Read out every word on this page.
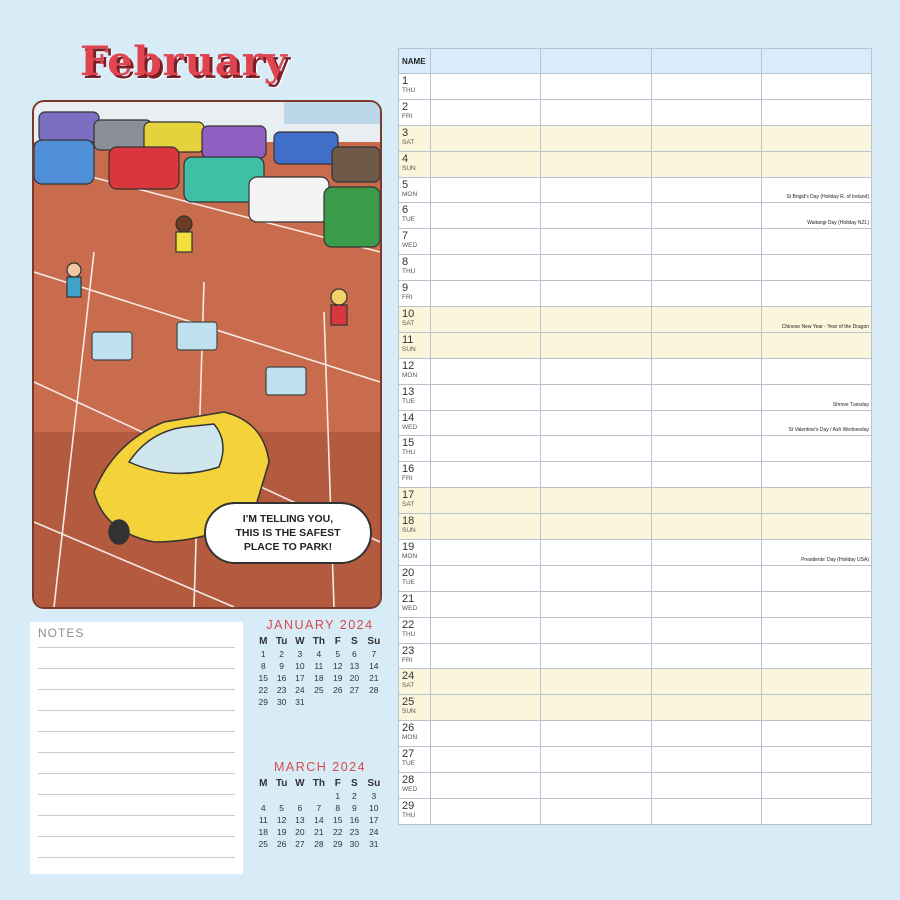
February
I'M TELLING YOU,
THIS IS THE SAFEST
PLACE TO PARK!
NOTES
JANUARY 2024
M	Tu	W	Th	F	S	Su
1	2	3	4	5	6	7
8	9	10	11	12	13	14
15	16	17	18	19	20	21
22	23	24	25	26	27	28
29	30	31				
MARCH 2024
M	Tu	W	Th	F	S	Su
				1	2	3
4	5	6	7	8	9	10
11	12	13	14	15	16	17
18	19	20	21	22	23	24
25	26	27	28	29	30	31
NAME				

1
THU				

2
FRI				

3
SAT				

4
SUN				

5
MON				St Brigid's Day (Holiday R. of Ireland)

6
TUE				Waitangi Day (Holiday NZL)

7
WED				

8
THU				

9
FRI				

10
SAT				Chinese New Year - Year of the Dragon

11
SUN				

12
MON				

13
TUE				Shrove Tuesday

14
WED				St Valentine's Day / Ash Wednesday

15
THU				

16
FRI				

17
SAT				

18
SUN				

19
MON				Presidents' Day (Holiday USA)

20
TUE				

21
WED				

22
THU				

23
FRI				

24
SAT				

25
SUN				

26
MON				

27
TUE				

28
WED				

29
THU				
